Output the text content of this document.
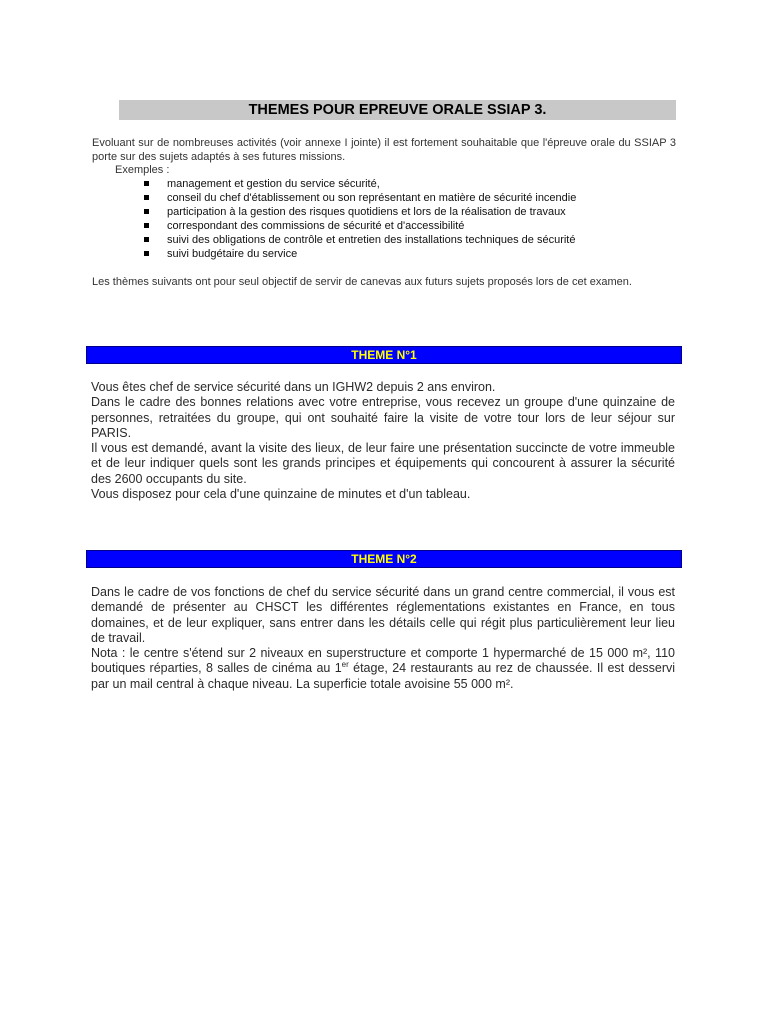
THEMES POUR EPREUVE ORALE SSIAP 3.
Evoluant sur de nombreuses activités (voir annexe I jointe) il est fortement souhaitable que l'épreuve orale du SSIAP 3 porte sur des sujets adaptés à ses futures missions.
Exemples :
management et gestion du service sécurité,
conseil du chef d'établissement ou son représentant en matière de sécurité incendie
participation à la gestion des risques quotidiens et lors de la réalisation de travaux
correspondant des commissions de sécurité et d'accessibilité
suivi des obligations de contrôle et entretien des installations techniques de sécurité
suivi budgétaire du service
Les thèmes suivants ont pour seul objectif de servir de canevas aux futurs sujets proposés lors de cet examen.
THEME N°1

Vous êtes chef de service sécurité dans un IGHW2 depuis 2 ans environ.

Dans le cadre des bonnes relations avec votre entreprise, vous recevez un groupe d'une quinzaine de personnes, retraitées du groupe, qui ont souhaité faire la visite de votre tour lors de leur séjour sur PARIS.

Il vous est demandé, avant la visite des lieux, de leur faire une présentation succincte de votre immeuble et de leur indiquer quels sont les grands principes et équipements qui concourent à assurer la sécurité des 2600 occupants du site.

Vous disposez pour cela d'une quinzaine de minutes et d'un tableau.

THEME N°2

Dans le cadre de vos fonctions de chef du service sécurité dans un grand centre commercial, il vous est demandé de présenter au CHSCT les différentes réglementations existantes en France, en tous domaines, et de leur expliquer, sans entrer dans les détails celle qui régit plus particulièrement leur lieu de travail.

Nota : le centre s'étend sur 2 niveaux en superstructure et comporte 1 hypermarché de 15 000 m², 110 boutiques réparties, 8 salles de cinéma au 1er étage, 24 restaurants au rez de chaussée. Il est desservi par un mail central à chaque niveau. La superficie totale avoisine 55 000 m².
